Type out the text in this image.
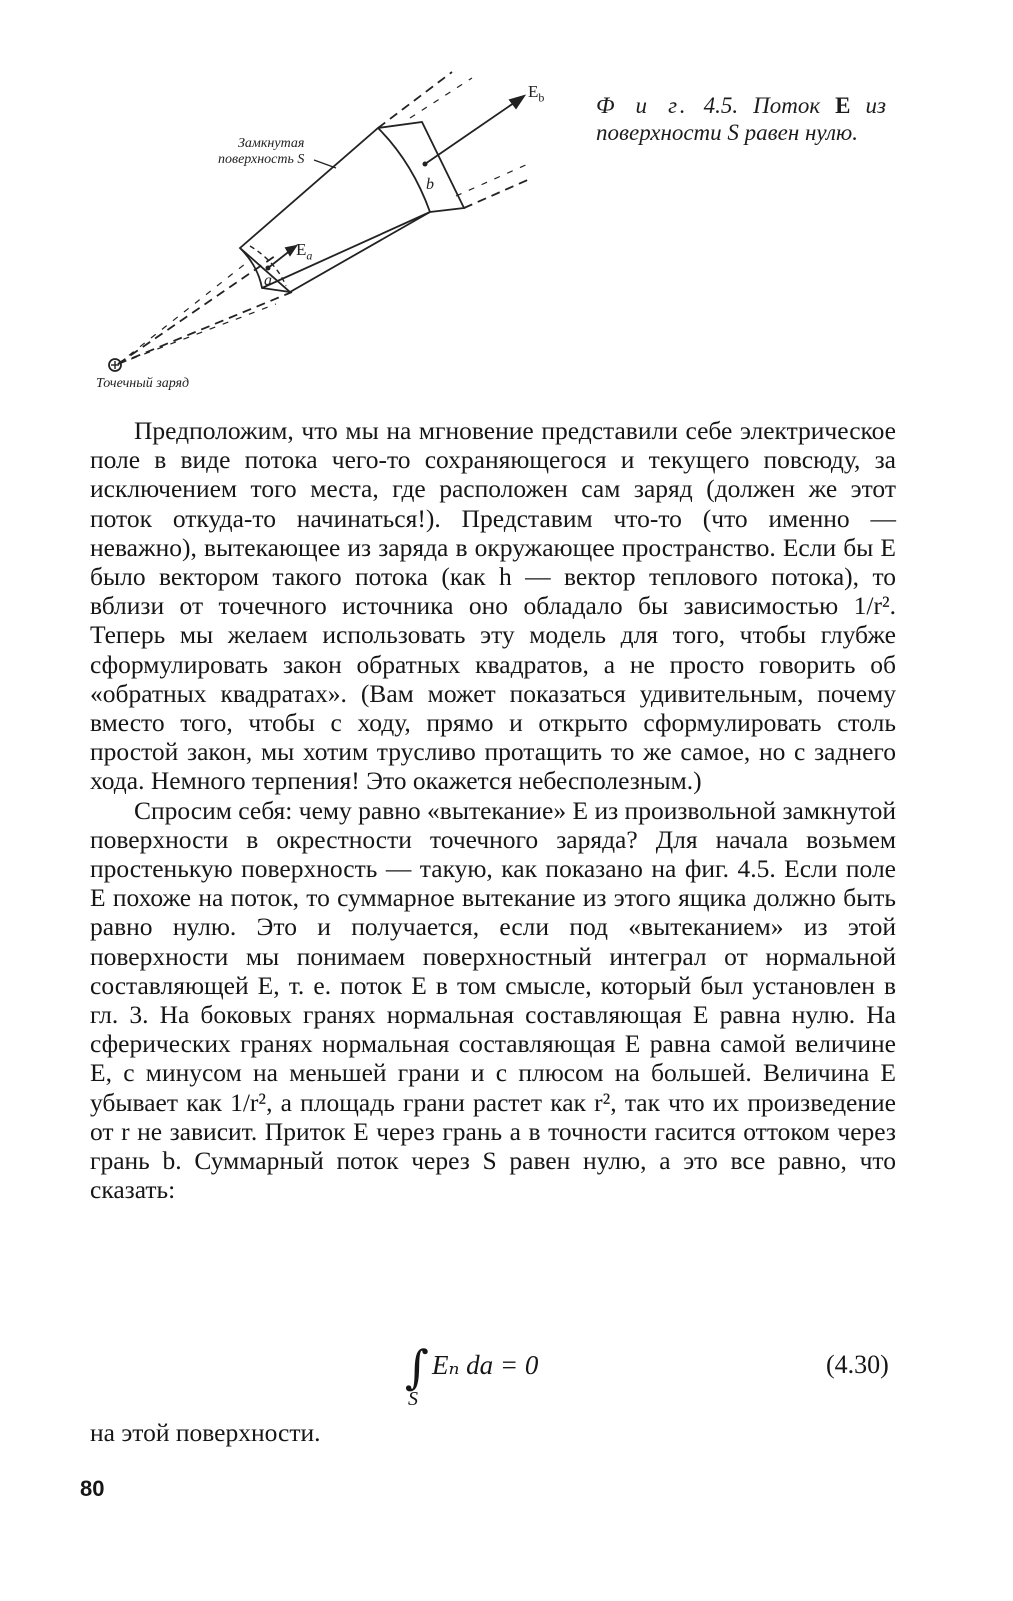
Замкнутая
поверхность S
$E_b$
$E_a$
a
b
Точечный заряд
Ф и г. 4.5. Поток E из поверхности S равен нулю.

Предположим, что мы на мгновение представили себе электрическое поле в виде потока чего-то сохраняющегося и текущего повсюду, за исключением того места, где расположен сам заряд (должен же этот поток откуда-то начинаться!). Представим что-то (что именно — неважно), вытекающее из заряда в окружающее пространство. Если бы E было вектором такого потока (как h — вектор теплового потока), то вблизи от точечного источника оно обладало бы зависимостью 1/r². Теперь мы желаем использовать эту модель для того, чтобы глубже сформулировать закон обратных квадратов, а не просто говорить об «обратных квадратах». (Вам может показаться удивительным, почему вместо того, чтобы с ходу, прямо и открыто сформулировать столь простой закон, мы хотим трусливо протащить то же самое, но с заднего хода. Немного терпения! Это окажется небесполезным.)

Спросим себя: чему равно «вытекание» E из произвольной замкнутой поверхности в окрестности точечного заряда? Для начала возьмем простенькую поверхность — такую, как показано на фиг. 4.5. Если поле E похоже на поток, то суммарное вытекание из этого ящика должно быть равно нулю. Это и получается, если под «вытеканием» из этой поверхности мы понимаем поверхностный интеграл от нормальной составляющей E, т. е. поток E в том смысле, который был установлен в гл. 3. На боковых гранях нормальная составляющая E равна нулю. На сферических гранях нормальная составляющая E равна самой величине E, с минусом на меньшей грани и с плюсом на большей. Величина E убывает как 1/r², а площадь грани растет как r², так что их произведение от r не зависит. Приток E через грань a в точности гасится оттоком через грань b. Суммарный поток через S равен нулю, а это все равно, что сказать:

∫
S
Eₙ da = 0	(4.30)
на этой поверхности.
80
